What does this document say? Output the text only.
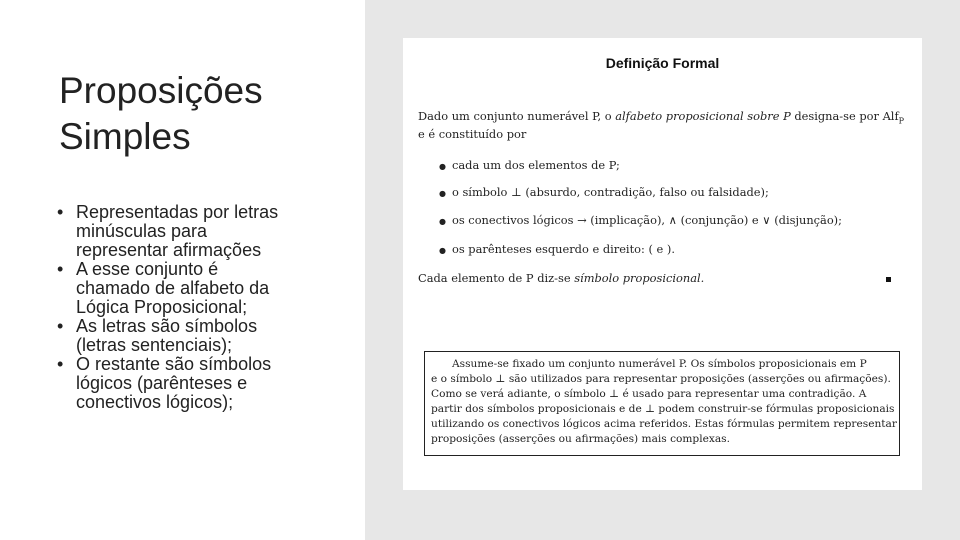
Proposições
Simples
• Representadas por letras
minúsculas para
representar afirmações
• A esse conjunto é
chamado de alfabeto da
Lógica Proposicional;
• As letras são símbolos
(letras sentenciais);
• O restante são símbolos
lógicos (parênteses e
conectivos lógicos);
Definição Formal
Dado um conjunto numerável P, o alfabeto proposicional sobre P designa-se por Alf$_P$
e é constituído por
● cada um dos elementos de P;
● o símbolo ⊥ (absurdo, contradição, falso ou falsidade);
● os conectivos lógicos → (implicação), ∧ (conjunção) e ∨ (disjunção);
● os parênteses esquerdo e direito: ( e ).
Cada elemento de P diz-se símbolo proposicional.
Assume-se fixado um conjunto numerável P. Os símbolos proposicionais em P
e o símbolo ⊥ são utilizados para representar proposições (asserções ou afirmações).
Como se verá adiante, o símbolo ⊥ é usado para representar uma contradição. A
partir dos símbolos proposicionais e de ⊥ podem construir-se fórmulas proposicionais
utilizando os conectivos lógicos acima referidos. Estas fórmulas permitem representar
proposições (asserções ou afirmações) mais complexas.
